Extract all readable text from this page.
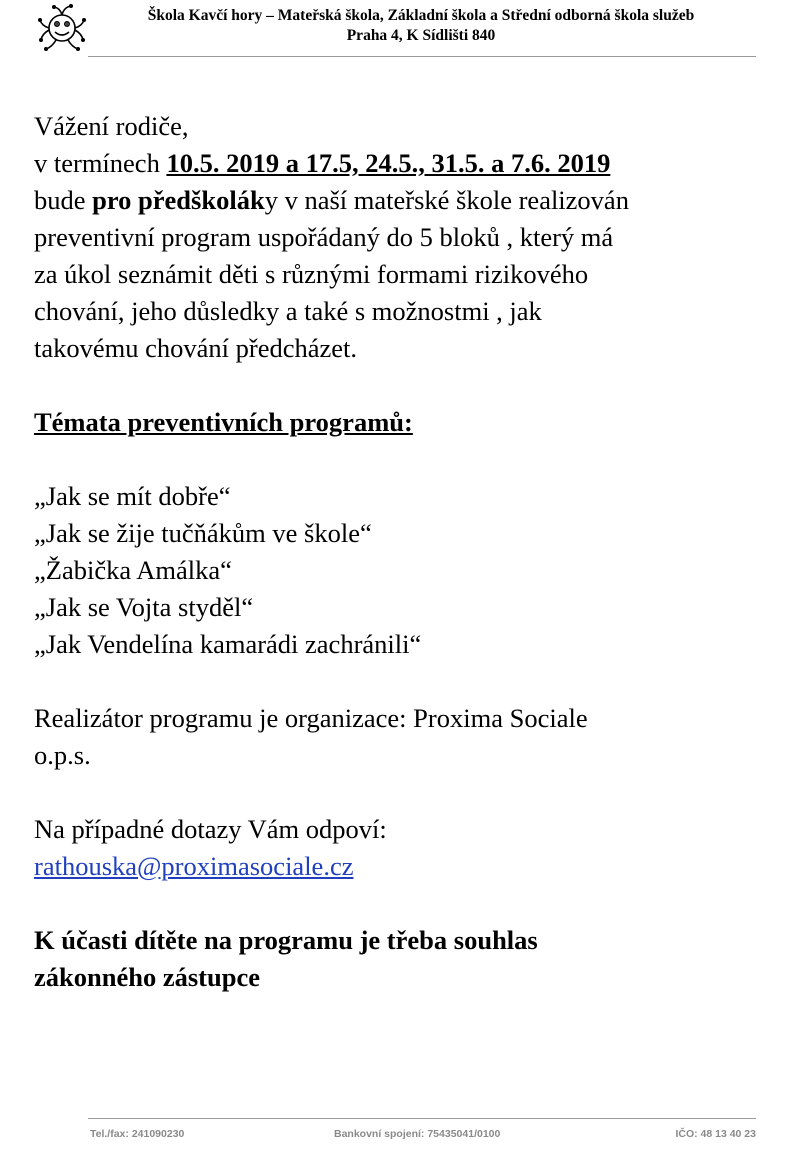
Škola Kavčí hory – Mateřská škola, Základní škola a Střední odborná škola služeb
Praha 4, K Sídlišti 840
Vážení rodiče,
v termínech 10.5. 2019 a 17.5, 24.5., 31.5. a 7.6. 2019
bude pro předškoláky v naší mateřské škole realizován
preventivní program uspořádaný do 5 bloků , který má
za úkol seznámit děti s různými formami rizikového
chování, jeho důsledky a také s možnostmi , jak
takovému chování předcházet.
Témata preventivních programů:
„Jak se mít dobře“
„Jak se žije tučňákům ve škole“
„Žabička Amálka“
„Jak se Vojta styděl“
„Jak Vendelína kamarádi zachránili“
Realizátor programu je organizace: Proxima Sociale
o.p.s.
Na případné dotazy Vám odpoví:
rathouska@proximasociale.cz
K účasti dítěte na programu je třeba souhlas
zákonného zástupce
Tel./fax: 241090230	Bankovní spojení: 75435041/0100	IČO: 48 13 40 23
